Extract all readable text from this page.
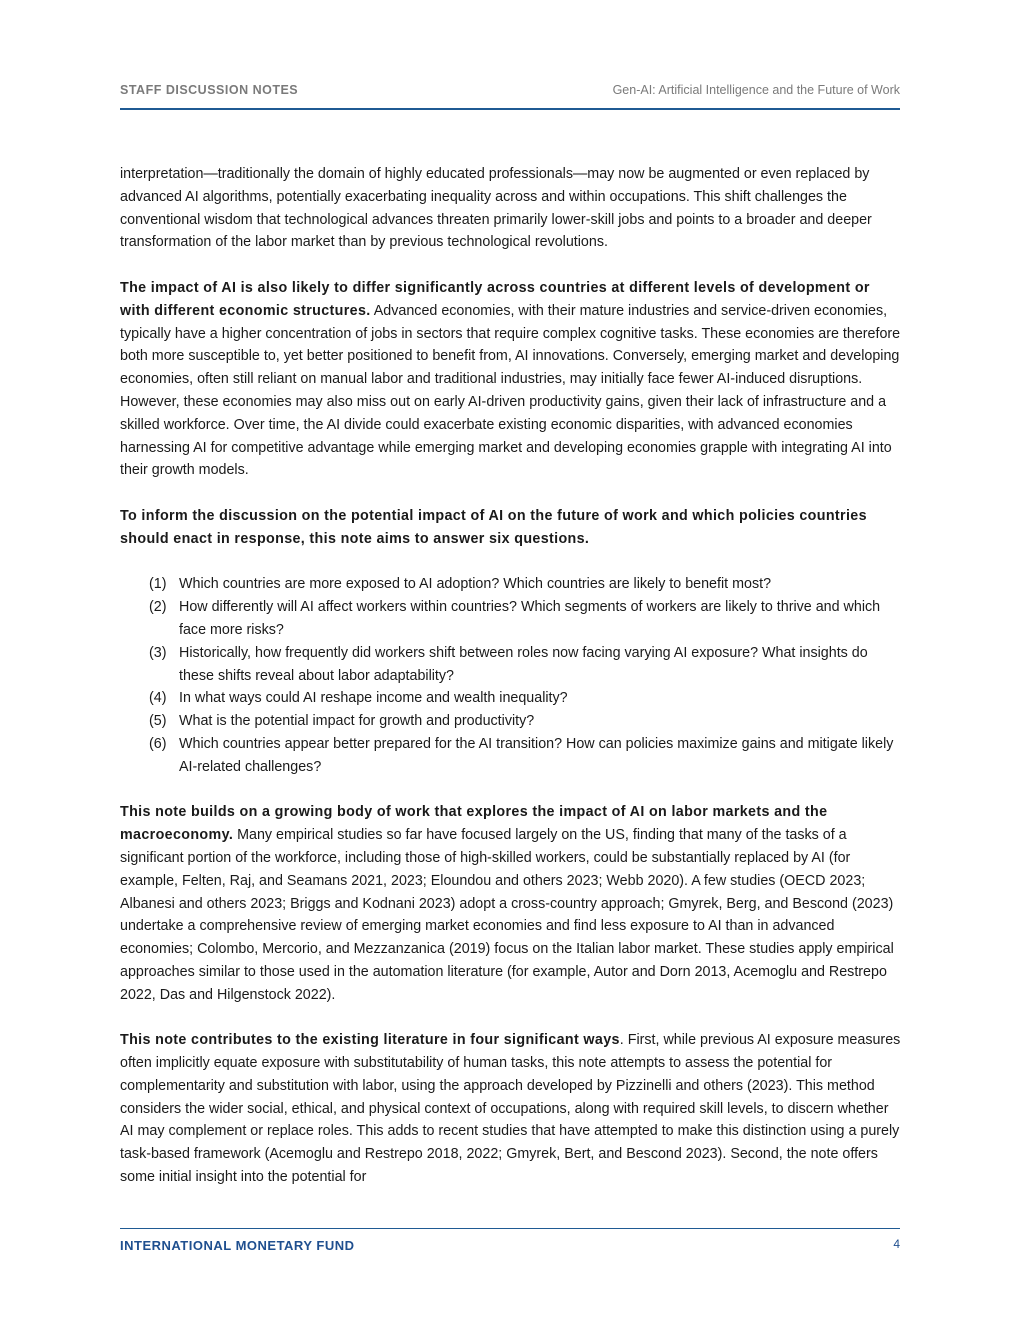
STAFF DISCUSSION NOTES	Gen-AI: Artificial Intelligence and the Future of Work

interpretation—traditionally the domain of highly educated professionals—may now be augmented or even replaced by advanced AI algorithms, potentially exacerbating inequality across and within occupations. This shift challenges the conventional wisdom that technological advances threaten primarily lower-skill jobs and points to a broader and deeper transformation of the labor market than by previous technological revolutions.

The impact of AI is also likely to differ significantly across countries at different levels of development or with different economic structures. Advanced economies, with their mature industries and service-driven economies, typically have a higher concentration of jobs in sectors that require complex cognitive tasks. These economies are therefore both more susceptible to, yet better positioned to benefit from, AI innovations. Conversely, emerging market and developing economies, often still reliant on manual labor and traditional industries, may initially face fewer AI-induced disruptions. However, these economies may also miss out on early AI-driven productivity gains, given their lack of infrastructure and a skilled workforce. Over time, the AI divide could exacerbate existing economic disparities, with advanced economies harnessing AI for competitive advantage while emerging market and developing economies grapple with integrating AI into their growth models.

To inform the discussion on the potential impact of AI on the future of work and which policies countries should enact in response, this note aims to answer six questions.

(1) Which countries are more exposed to AI adoption? Which countries are likely to benefit most?
(2) How differently will AI affect workers within countries? Which segments of workers are likely to thrive and which face more risks?
(3) Historically, how frequently did workers shift between roles now facing varying AI exposure? What insights do these shifts reveal about labor adaptability?
(4) In what ways could AI reshape income and wealth inequality?
(5) What is the potential impact for growth and productivity?
(6) Which countries appear better prepared for the AI transition? How can policies maximize gains and mitigate likely AI-related challenges?

This note builds on a growing body of work that explores the impact of AI on labor markets and the macroeconomy. Many empirical studies so far have focused largely on the US, finding that many of the tasks of a significant portion of the workforce, including those of high-skilled workers, could be substantially replaced by AI (for example, Felten, Raj, and Seamans 2021, 2023; Eloundou and others 2023; Webb 2020). A few studies (OECD 2023; Albanesi and others 2023; Briggs and Kodnani 2023) adopt a cross-country approach; Gmyrek, Berg, and Bescond (2023) undertake a comprehensive review of emerging market economies and find less exposure to AI than in advanced economies; Colombo, Mercorio, and Mezzanzanica (2019) focus on the Italian labor market. These studies apply empirical approaches similar to those used in the automation literature (for example, Autor and Dorn 2013, Acemoglu and Restrepo 2022, Das and Hilgenstock 2022).

This note contributes to the existing literature in four significant ways. First, while previous AI exposure measures often implicitly equate exposure with substitutability of human tasks, this note attempts to assess the potential for complementarity and substitution with labor, using the approach developed by Pizzinelli and others (2023). This method considers the wider social, ethical, and physical context of occupations, along with required skill levels, to discern whether AI may complement or replace roles. This adds to recent studies that have attempted to make this distinction using a purely task-based framework (Acemoglu and Restrepo 2018, 2022; Gmyrek, Bert, and Bescond 2023). Second, the note offers some initial insight into the potential for

INTERNATIONAL MONETARY FUND	4
